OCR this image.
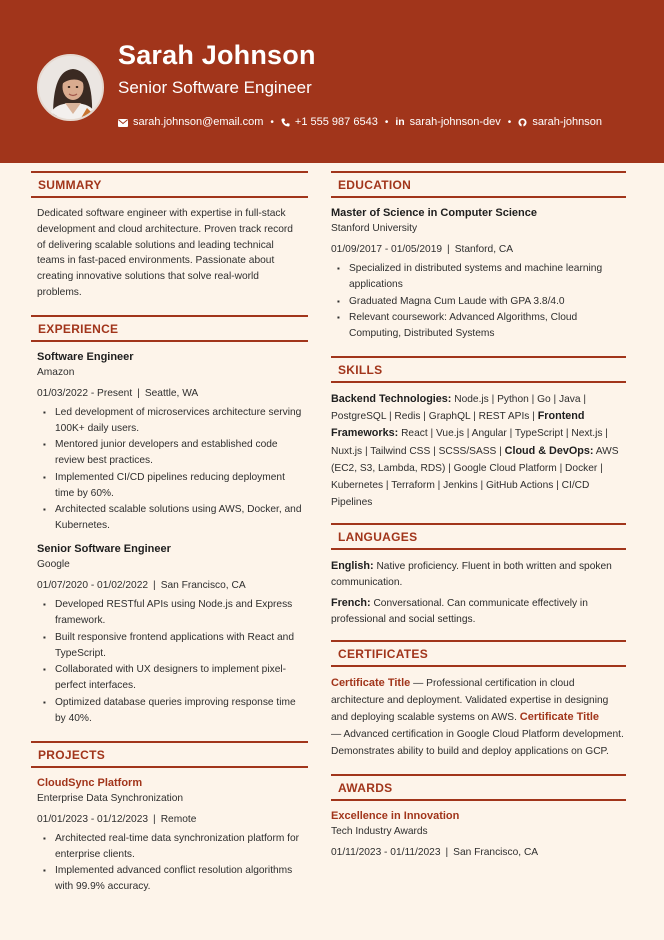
Sarah Johnson
Senior Software Engineer
sarah.johnson@email.com •	+1 555 987 6543 • in sarah-johnson-dev •	sarah-johnson
SUMMARY
Dedicated software engineer with expertise in full-stack development and cloud architecture. Proven track record of delivering scalable solutions and leading technical teams in fast-paced environments. Passionate about creating innovative solutions that solve real-world problems.
EXPERIENCE
Software Engineer
Amazon
01/03/2022 - Present | Seattle, WA
▪ Led development of microservices architecture serving 100K+ daily users.
▪ Mentored junior developers and established code review best practices.
▪ Implemented CI/CD pipelines reducing deployment time by 60%.
▪ Architected scalable solutions using AWS, Docker, and Kubernetes.
Senior Software Engineer
Google
01/07/2020 - 01/02/2022 | San Francisco, CA
▪ Developed RESTful APIs using Node.js and Express framework.
▪ Built responsive frontend applications with React and TypeScript.
▪ Collaborated with UX designers to implement pixel-perfect interfaces.
▪ Optimized database queries improving response time by 40%.
PROJECTS
CloudSync Platform
Enterprise Data Synchronization
01/01/2023 - 01/12/2023 | Remote
▪ Architected real-time data synchronization platform for enterprise clients.
▪ Implemented advanced conflict resolution algorithms with 99.9% accuracy.
EDUCATION
Master of Science in Computer Science
Stanford University
01/09/2017 - 01/05/2019 | Stanford, CA
▪ Specialized in distributed systems and machine learning applications
▪ Graduated Magna Cum Laude with GPA 3.8/4.0
▪ Relevant coursework: Advanced Algorithms, Cloud Computing, Distributed Systems
SKILLS
Backend Technologies: Node.js | Python | Go | Java | PostgreSQL | Redis | GraphQL | REST APIs | Frontend Frameworks: React | Vue.js | Angular | TypeScript | Next.js | Nuxt.js | Tailwind CSS | SCSS/SASS | Cloud & DevOps: AWS (EC2, S3, Lambda, RDS) | Google Cloud Platform | Docker | Kubernetes | Terraform | Jenkins | GitHub Actions | CI/CD Pipelines
LANGUAGES
English: Native proficiency. Fluent in both written and spoken communication.
French: Conversational. Can communicate effectively in professional and social settings.
CERTIFICATES
Certificate Title — Professional certification in cloud architecture and deployment. Validated expertise in designing and deploying scalable systems on AWS. Certificate Title
— Advanced certification in Google Cloud Platform development. Demonstrates ability to build and deploy applications on GCP.
AWARDS
Excellence in Innovation
Tech Industry Awards
01/11/2023 - 01/11/2023 | San Francisco, CA
